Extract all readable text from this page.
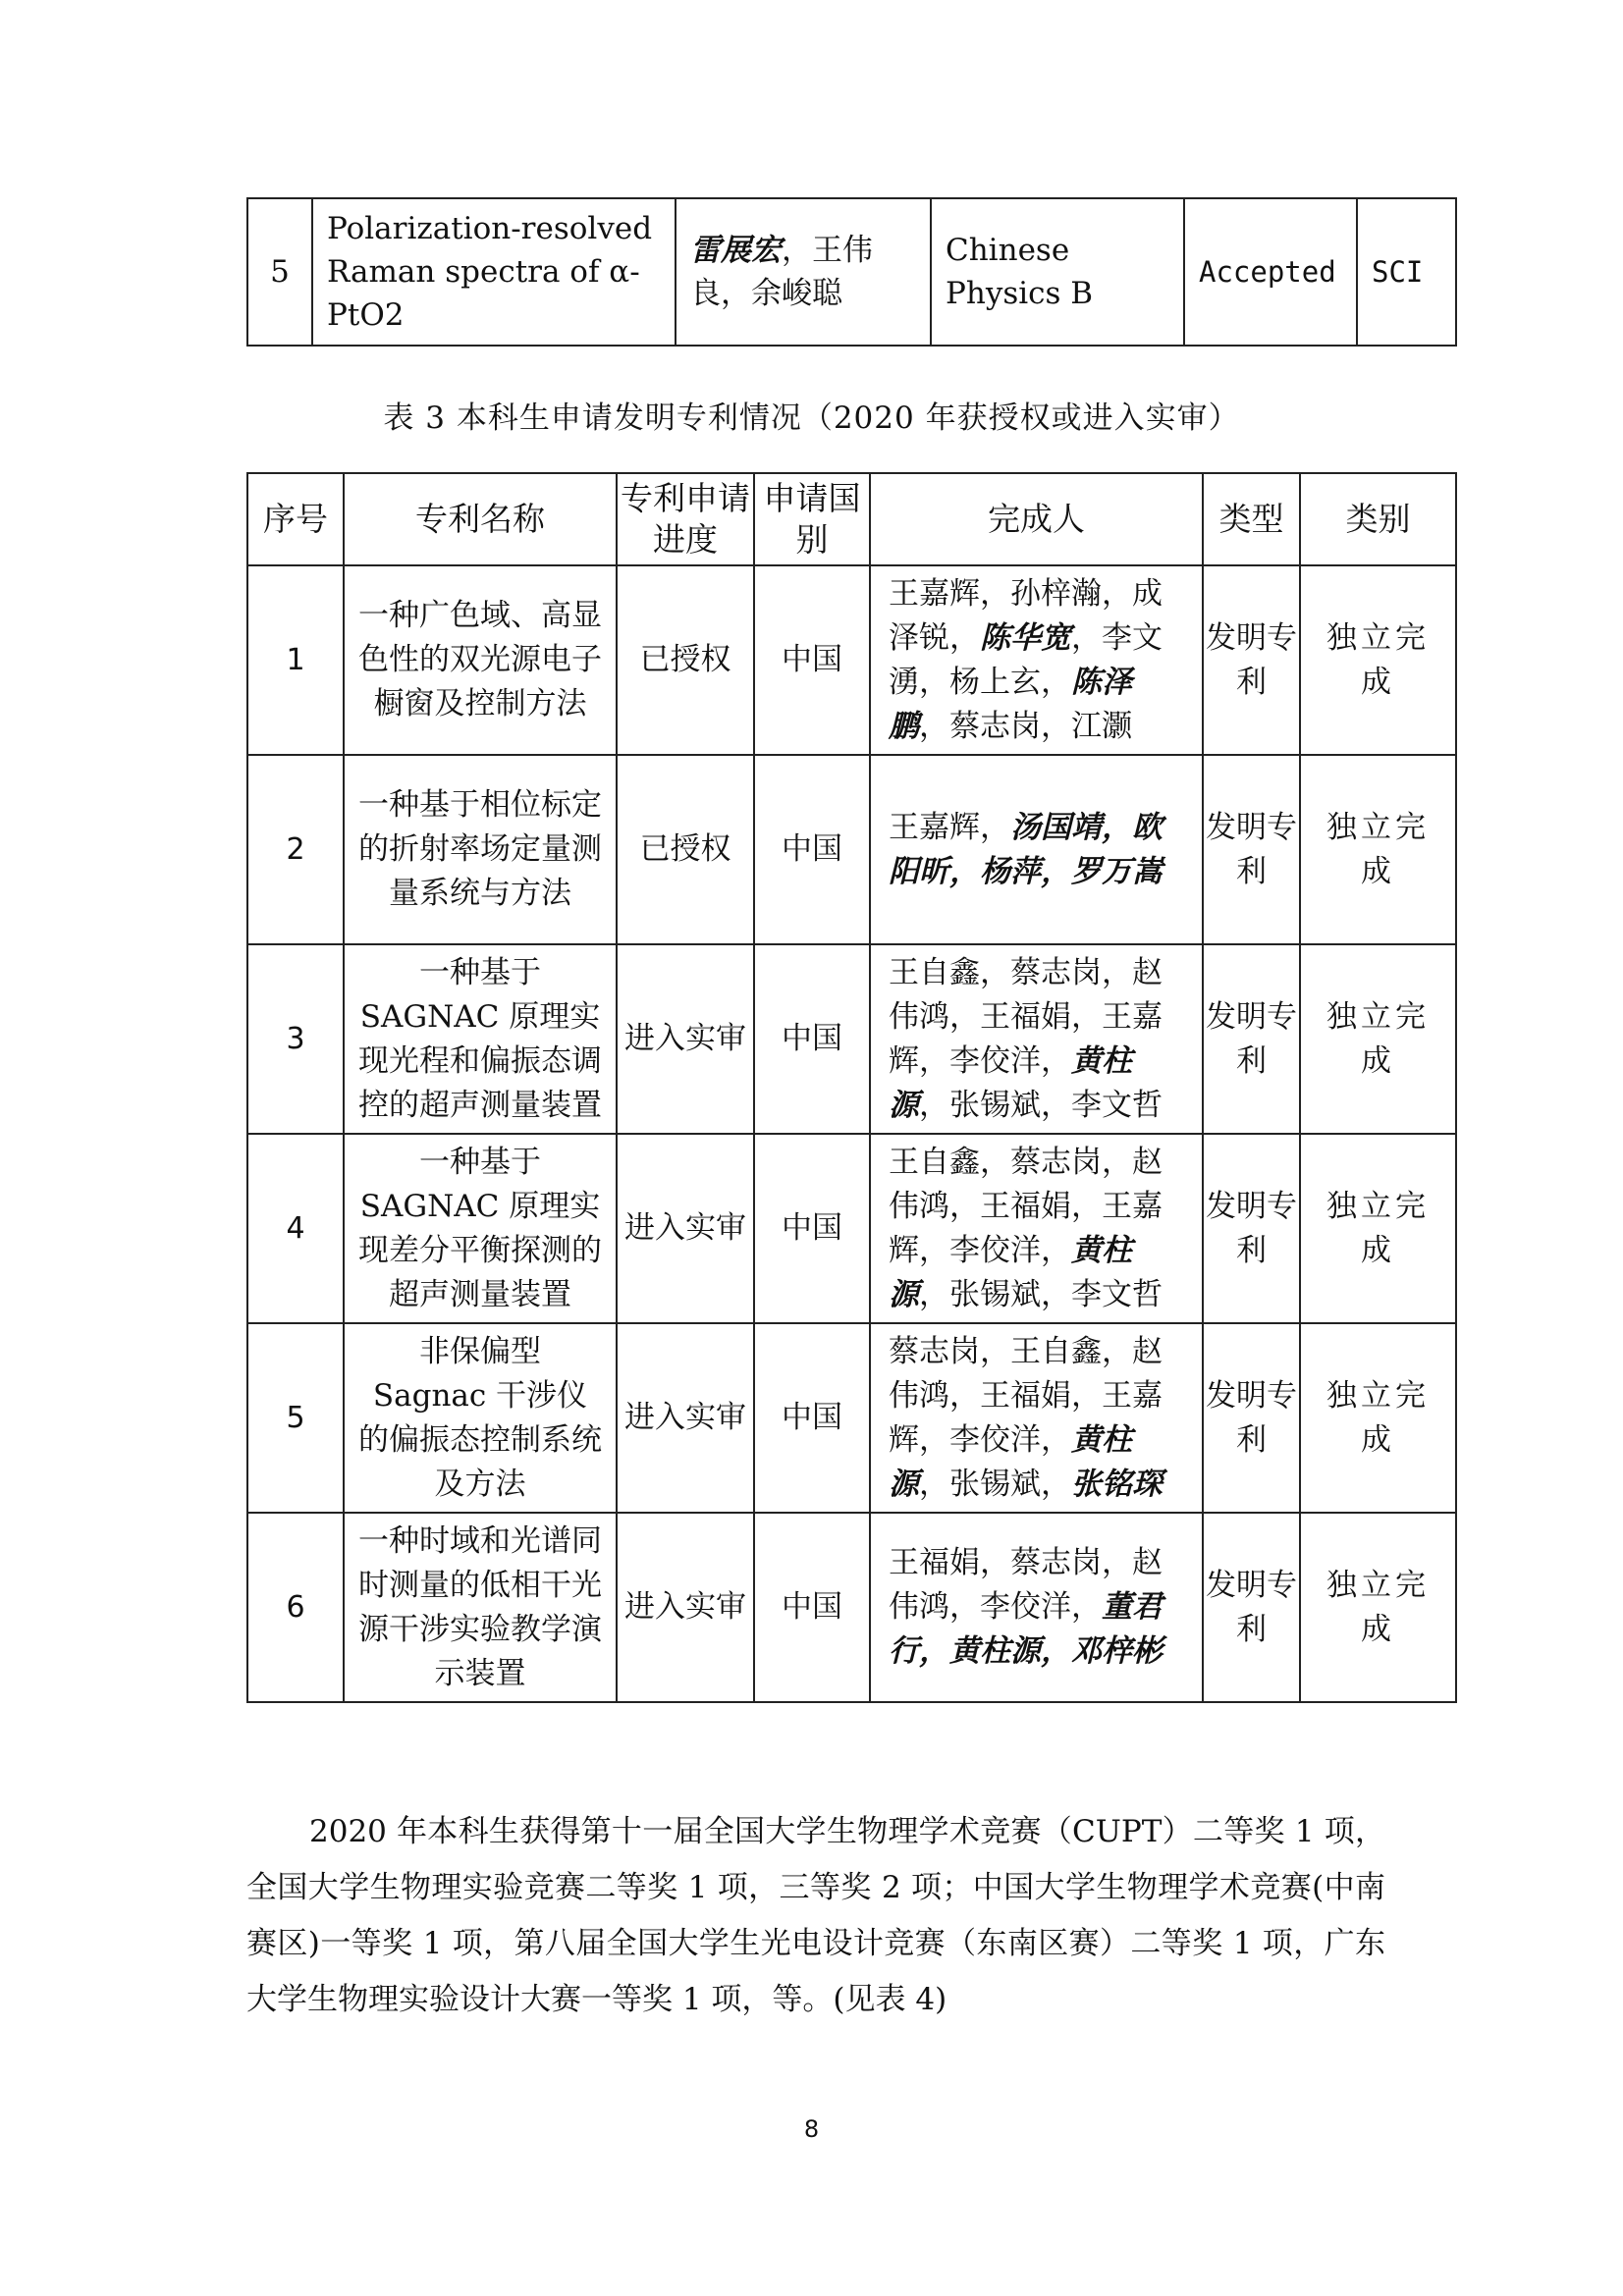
5	Polarization-resolved Raman spectra of α-PtO2	雷展宏，王伟良，余峻聪	Chinese Physics B	Accepted	SCI
表 3 本科生申请发明专利情况（2020 年获授权或进入实审）
序号	专利名称	专利申请进度	申请国别	完成人	类型	类别
1	一种广色域、高显色性的双光源电子橱窗及控制方法	已授权	中国	王嘉辉，孙梓瀚，成泽锐，陈华宽，李文湧，杨上玄，陈泽鹏，蔡志岗，江灏	发明专利	独立完成
2	一种基于相位标定的折射率场定量测量系统与方法	已授权	中国	王嘉辉，汤国靖，欧阳昕，杨萍，罗万嵩	发明专利	独立完成
3	一种基于 SAGNAC 原理实现光程和偏振态调控的超声测量装置	进入实审	中国	王自鑫，蔡志岗，赵伟鸿，王福娟，王嘉辉，李佼洋，黄柱源，张锡斌，李文哲	发明专利	独立完成
4	一种基于 SAGNAC 原理实现差分平衡探测的超声测量装置	进入实审	中国	王自鑫，蔡志岗，赵伟鸿，王福娟，王嘉辉，李佼洋，黄柱源，张锡斌，李文哲	发明专利	独立完成
5	非保偏型 Sagnac 干涉仪的偏振态控制系统及方法	进入实审	中国	蔡志岗，王自鑫，赵伟鸿，王福娟，王嘉辉，李佼洋，黄柱源，张锡斌，张铭琛	发明专利	独立完成
6	一种时域和光谱同时测量的低相干光源干涉实验教学演示装置	进入实审	中国	王福娟，蔡志岗，赵伟鸿，李佼洋，董君行，黄柱源，邓梓彬	发明专利	独立完成

2020 年本科生获得第十一届全国大学生物理学术竞赛（CUPT）二等奖 1 项，全国大学生物理实验竞赛二等奖 1 项，三等奖 2 项；中国大学生物理学术竞赛(中南赛区)一等奖 1 项，第八届全国大学生光电设计竞赛（东南区赛）二等奖 1 项，广东大学生物理实验设计大赛一等奖 1 项，等。(见表 4)

8
